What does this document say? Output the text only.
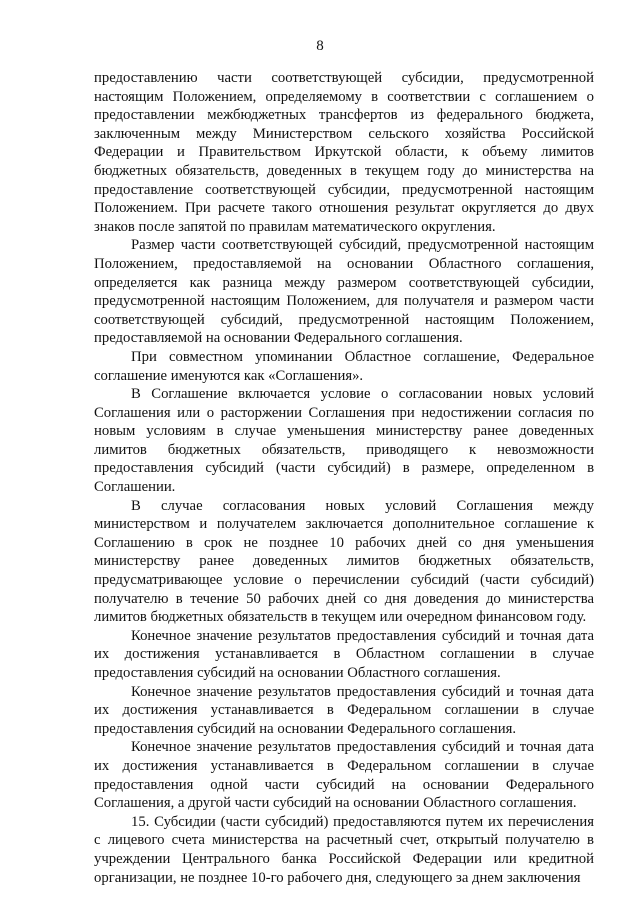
8

предоставлению части соответствующей субсидии, предусмотренной настоящим Положением, определяемому в соответствии с соглашением о предоставлении межбюджетных трансфертов из федерального бюджета, заключенным между Министерством сельского хозяйства Российской Федерации и Правительством Иркутской области, к объему лимитов бюджетных обязательств, доведенных в текущем году до министерства на предоставление соответствующей субсидии, предусмотренной настоящим Положением. При расчете такого отношения результат округляется до двух знаков после запятой по правилам математического округления.

Размер части соответствующей субсидий, предусмотренной настоящим Положением, предоставляемой на основании Областного соглашения, определяется как разница между размером соответствующей субсидии, предусмотренной настоящим Положением, для получателя и размером части соответствующей субсидий, предусмотренной настоящим Положением, предоставляемой на основании Федерального соглашения.

При совместном упоминании Областное соглашение, Федеральное соглашение именуются как «Соглашения».

В Соглашение включается условие о согласовании новых условий Соглашения или о расторжении Соглашения при недостижении согласия по новым условиям в случае уменьшения министерству ранее доведенных лимитов бюджетных обязательств, приводящего к невозможности предоставления субсидий (части субсидий) в размере, определенном в Соглашении.

В случае согласования новых условий Соглашения между министерством и получателем заключается дополнительное соглашение к Соглашению в срок не позднее 10 рабочих дней со дня уменьшения министерству ранее доведенных лимитов бюджетных обязательств, предусматривающее условие о перечислении субсидий (части субсидий) получателю в течение 50 рабочих дней со дня доведения до министерства лимитов бюджетных обязательств в текущем или очередном финансовом году.

Конечное значение результатов предоставления субсидий и точная дата их достижения устанавливается в Областном соглашении в случае предоставления субсидий на основании Областного соглашения.

Конечное значение результатов предоставления субсидий и точная дата их достижения устанавливается в Федеральном соглашении в случае предоставления субсидий на основании Федерального соглашения.

Конечное значение результатов предоставления субсидий и точная дата их достижения устанавливается в Федеральном соглашении в случае предоставления одной части субсидий на основании Федерального Соглашения, а другой части субсидий на основании Областного соглашения.

15. Субсидии (части субсидий) предоставляются путем их перечисления с лицевого счета министерства на расчетный счет, открытый получателю в учреждении Центрального банка Российской Федерации или кредитной организации, не позднее 10-го рабочего дня, следующего за днем заключения
